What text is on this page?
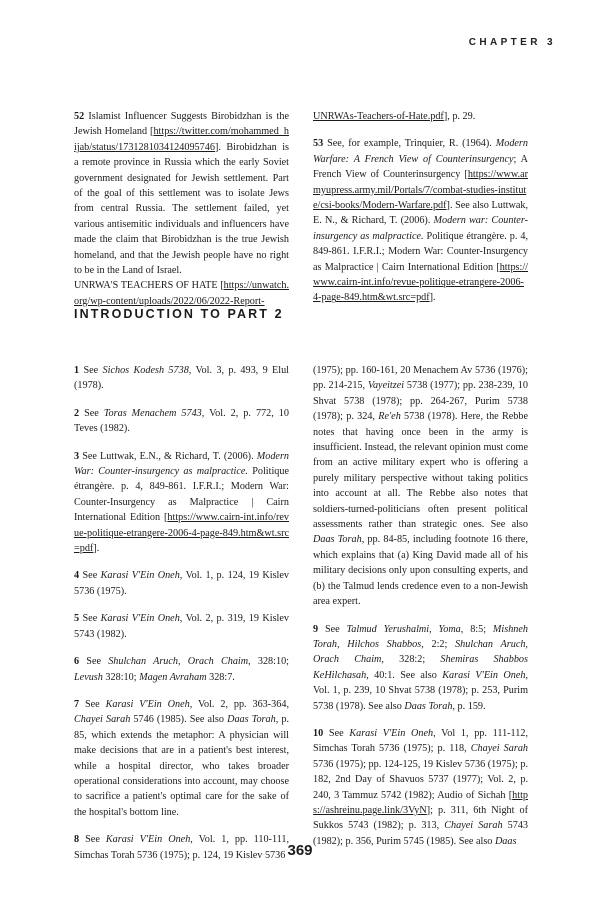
CHAPTER 3

52 Islamist Influencer Suggests Birobidzhan is the Jewish Homeland [https://twitter.com/mohammed_hijab/status/1731281034124095746]. Birobidzhan is a remote province in Russia which the early Soviet government designated for Jewish settlement. Part of the goal of this settlement was to isolate Jews from central Russia. The settlement failed, yet various antisemitic individuals and influencers have made the claim that Birobidzhan is the true Jewish homeland, and that the Jewish people have no right to be in the Land of Israel.
UNRWA'S TEACHERS OF HATE [https://unwatch.org/wp-content/uploads/2022/06/2022-Report-

UNRWAs-Teachers-of-Hate.pdf], p. 29.

53 See, for example, Trinquier, R. (1964). Modern Warfare: A French View of Counterinsurgency; A French View of Counterinsurgency [https://www.armyupress.army.mil/Portals/7/combat-studies-institute/csi-books/Modern-Warfare.pdf]. See also Luttwak, E. N., & Richard, T. (2006). Modern war: Counter-insurgency as malpractice. Politique étrangère. p. 4, 849-861. I.F.R.I.; Modern War: Counter-Insurgency as Malpractice | Cairn International Edition [https://www.cairn-int.info/revue-politique-etrangere-2006-4-page-849.htm&wt.src=pdf].

INTRODUCTION TO PART 2

1 See Sichos Kodesh 5738, Vol. 3, p. 493, 9 Elul (1978).

2 See Toras Menachem 5743, Vol. 2, p. 772, 10 Teves (1982).

3 See Luttwak, E.N., & Richard, T. (2006). Modern War: Counter-insurgency as malpractice. Politique étrangère. p. 4, 849-861. I.F.R.I.; Modern War: Counter-Insurgency as Malpractice | Cairn International Edition [https://www.cairn-int.info/revue-politique-etrangere-2006-4-page-849.htm&wt.src=pdf].

4 See Karasi V'Ein Oneh, Vol. 1, p. 124, 19 Kislev 5736 (1975).

5 See Karasi V'Ein Oneh, Vol. 2, p. 319, 19 Kislev 5743 (1982).

6 See Shulchan Aruch, Orach Chaim, 328:10; Levush 328:10; Magen Avraham 328:7.

7 See Karasi V'Ein Oneh, Vol. 2, pp. 363-364, Chayei Sarah 5746 (1985). See also Daas Torah, p. 85, which extends the metaphor: A physician will make decisions that are in a patient's best interest, while a hospital director, who takes broader operational considerations into account, may choose to sacrifice a patient's optimal care for the sake of the hospital's bottom line.

8 See Karasi V'Ein Oneh, Vol. 1, pp. 110-111, Simchas Torah 5736 (1975); p. 124, 19 Kislev 5736

(1975); pp. 160-161, 20 Menachem Av 5736 (1976); pp. 214-215, Vayeitzei 5738 (1977); pp. 238-239, 10 Shvat 5738 (1978); pp. 264-267, Purim 5738 (1978); p. 324, Re'eh 5738 (1978). Here, the Rebbe notes that having once been in the army is insufficient. Instead, the relevant opinion must come from an active military expert who is offering a purely military perspective without taking politics into account at all. The Rebbe also notes that soldiers-turned-politicians often present political assessments rather than strategic ones. See also Daas Torah, pp. 84-85, including footnote 16 there, which explains that (a) King David made all of his military decisions only upon consulting experts, and (b) the Talmud lends credence even to a non-Jewish area expert.

9 See Talmud Yerushalmi, Yoma, 8:5; Mishneh Torah, Hilchos Shabbos, 2:2; Shulchan Aruch, Orach Chaim, 328:2; Shemiras Shabbos KeHilchasah, 40:1. See also Karasi V'Ein Oneh, Vol. 1, p. 239, 10 Shvat 5738 (1978); p. 253, Purim 5738 (1978). See also Daas Torah, p. 159.

10 See Karasi V'Ein Oneh, Vol 1, pp. 111-112, Simchas Torah 5736 (1975); p. 118, Chayei Sarah 5736 (1975); pp. 124-125, 19 Kislev 5736 (1975); p. 182, 2nd Day of Shavuos 5737 (1977); Vol. 2, p. 240, 3 Tammuz 5742 (1982); Audio of Sichah [https://ashreinu.page.link/3VyN]; p. 311, 6th Night of Sukkos 5743 (1982); p. 313, Chayei Sarah 5743 (1982); p. 356, Purim 5745 (1985). See also Daas

369
